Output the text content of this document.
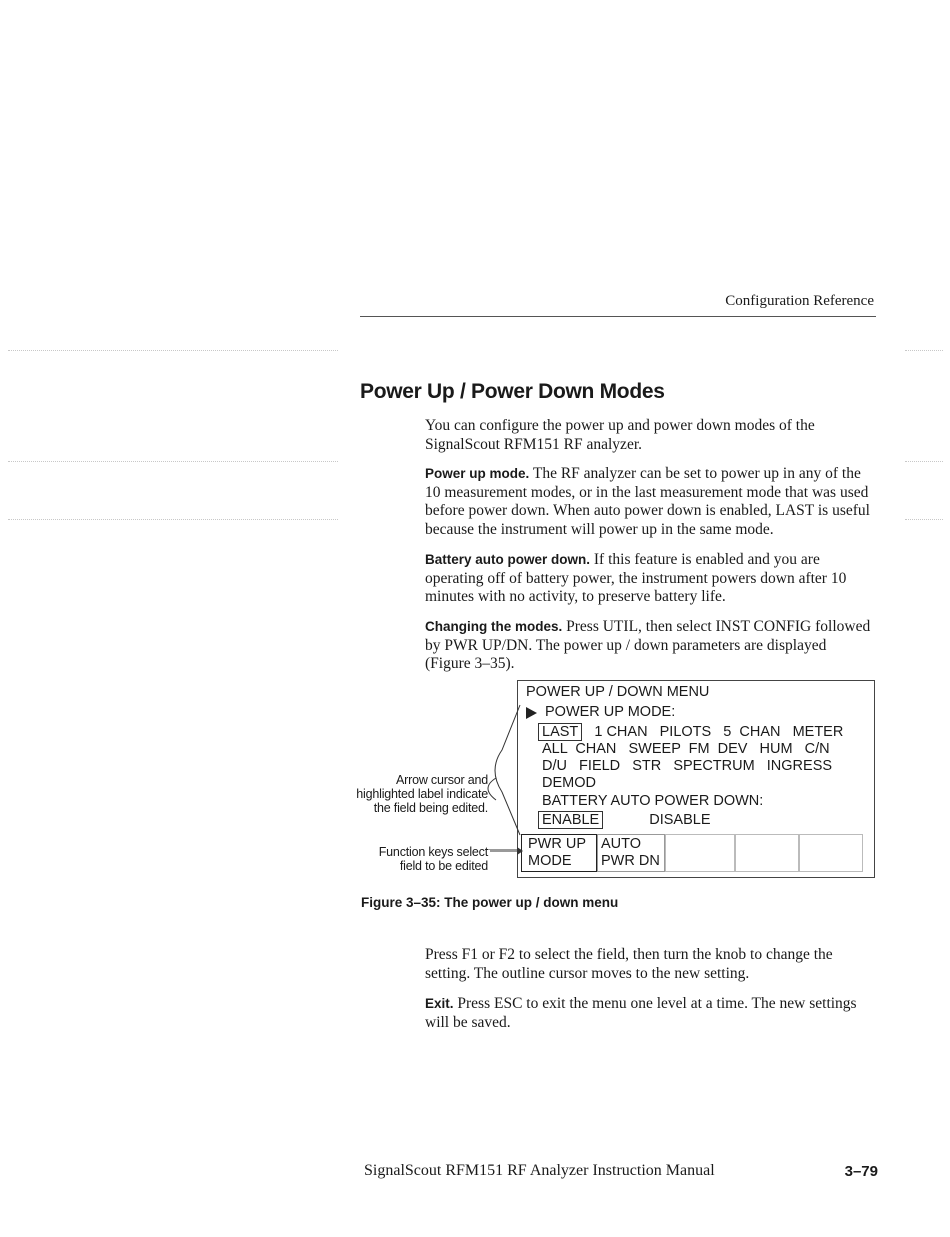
Configuration Reference
Power Up / Power Down Modes
You can configure the power up and power down modes of the SignalScout RFM151 RF analyzer.
Power up mode. The RF analyzer can be set to power up in any of the 10 measurement modes, or in the last measurement mode that was used before power down. When auto power down is enabled, LAST is useful because the instrument will power up in the same mode.
Battery auto power down. If this feature is enabled and you are operating off of battery power, the instrument powers down after 10 minutes with no activity, to preserve battery life.
Changing the modes. Press UTIL, then select INST CONFIG followed by PWR UP/DN. The power up / down parameters are displayed (Figure 3–35).
POWER UP / DOWN MENU
POWER UP MODE:
LAST 1 CHAN   PILOTS   5  CHAN   METER
ALL  CHAN   SWEEP  FM  DEV   HUM   C/N
D/U   FIELD   STR   SPECTRUM   INGRESS
DEMOD
BATTERY AUTO POWER DOWN:
ENABLE	DISABLE
PWR UP
MODE
AUTO
PWR DN
Arrow cursor and
highlighted label indicate
the field being edited.
Function keys select
field to be edited
Figure 3–35: The power up / down menu
Press F1 or F2 to select the field, then turn the knob to change the setting. The outline cursor moves to the new setting.
Exit. Press ESC to exit the menu one level at a time. The new settings will be saved.
SignalScout RFM151 RF Analyzer Instruction Manual	3–79
